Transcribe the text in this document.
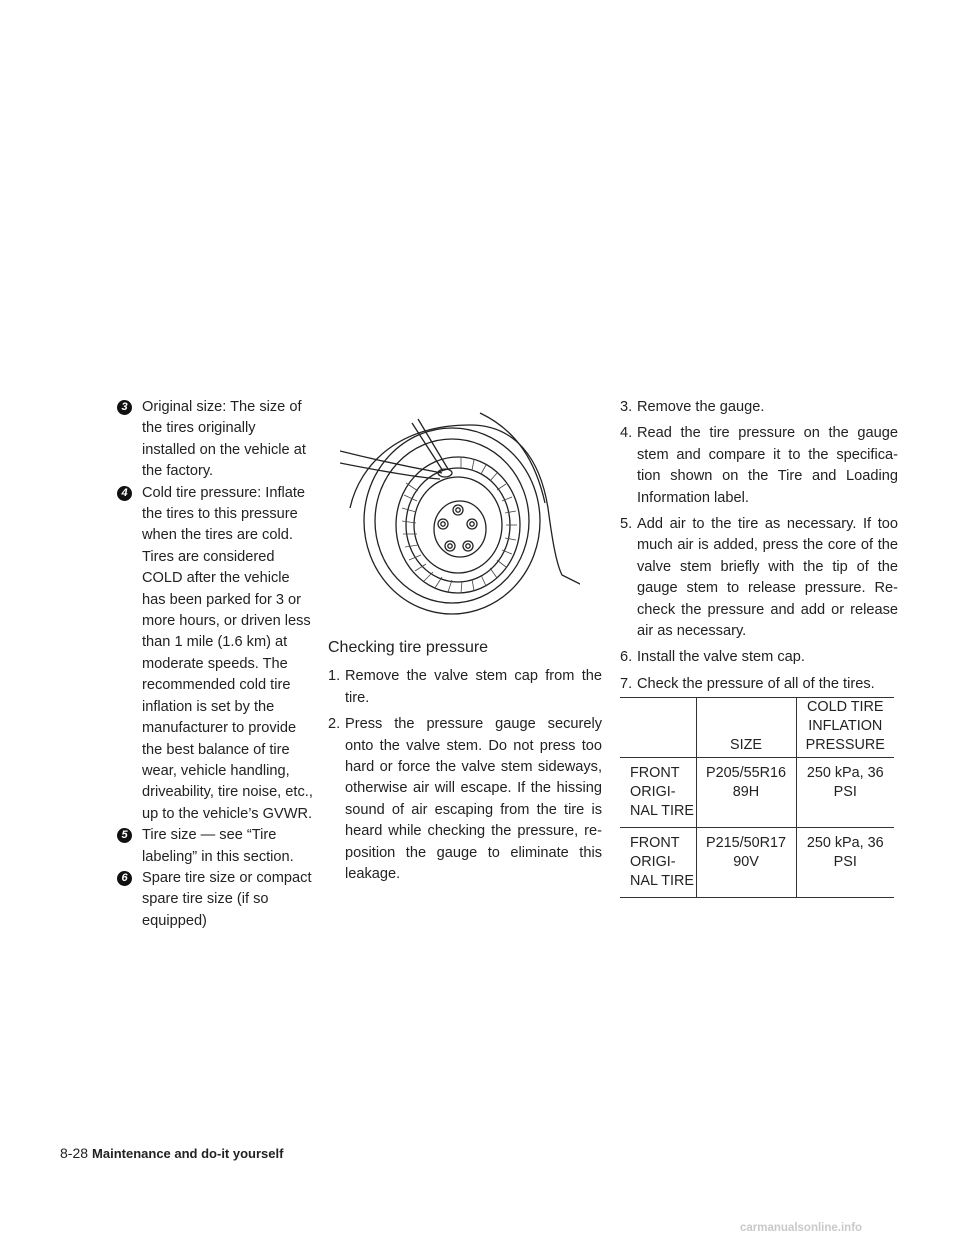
3 Original size: The size of the tires originally installed on the vehicle at the factory.
4 Cold tire pressure: Inflate the tires to this pressure when the tires are cold. Tires are considered COLD after the vehicle has been parked for 3 or more hours, or driven less than 1 mile (1.6 km) at moderate speeds. The recommended cold tire inflation is set by the manufacturer to provide the best balance of tire wear, vehicle handling, driveability, tire noise, etc., up to the vehicle’s GVWR.
5 Tire size — see “Tire labeling” in this section.
6 Spare tire size or compact spare tire size (if so equipped)
Checking tire pressure
1. Remove the valve stem cap from the tire.
2. Press the pressure gauge securely onto the valve stem. Do not press too hard or force the valve stem sideways, otherwise air will escape. If the hissing sound of air escaping from the tire is heard while checking the pressure, re-position the gauge to eliminate this leakage.
3. Remove the gauge.
4. Read the tire pressure on the gauge stem and compare it to the specifica-tion shown on the Tire and Loading Information label.
5. Add air to the tire as necessary. If too much air is added, press the core of the valve stem briefly with the tip of the gauge stem to release pressure. Re-check the pressure and add or release air as necessary.
6. Install the valve stem cap.
7. Check the pressure of all of the tires.
	SIZE	COLD TIRE INFLATION PRESSURE
FRONT ORIGI-NAL TIRE	P205/55R16 89H	250 kPa, 36 PSI
FRONT ORIGI-NAL TIRE	P215/50R17 90V	250 kPa, 36 PSI
8-28 Maintenance and do-it yourself
carmanualsonline.info
